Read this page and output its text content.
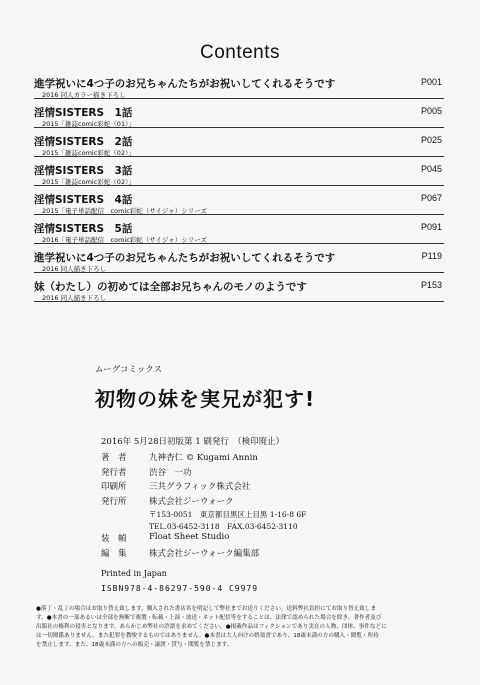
Contents
進学祝いに4つ子のお兄ちゃんたちがお祝いしてくれるそうです
2016 同人カラー描き下ろし
P001
淫情SISTERS　1話
2015「雑誌comic彩蛇（01）」
P005
淫情SISTERS　2話
2015「雑誌comic彩蛇（02）」
P025
淫情SISTERS　3話
2015「雑誌comic彩蛇（02）」
P045
淫情SISTERS　4話
2015「電子単話配信　comic彩蛇（サイジャ）シリーズ
P067
淫情SISTERS　5話
2016「電子単話配信　comic彩蛇（サイジャ）シリーズ
P091
進学祝いに4つ子のお兄ちゃんたちがお祝いしてくれるそうです
2016 同人描き下ろし
P119
妹（わたし）の初めては全部お兄ちゃんのモノのようです
2016 同人描き下ろし
P153
ムーグコミックス
初物の妹を実兄が犯す!
2016年 5月28日初版第 1 刷発行　（検印廃止）
著　者	九神杏仁 © Kugami Annin
発行者	渋谷　一功
印刷所	三共グラフィック株式会社
発行所	株式会社ジーウォーク
〒153-0051　東京都目黒区上目黒 1-16-8 6F
TEL.03-6452-3118　FAX.03-6452-3110
装　幀	Float Sheet Studio
編　集	株式会社ジーウォーク編集部
Printed in Japan
ISBN978-4-86297-590-4 C9979
●落丁・乱丁の場合はお取り替え致します。購入された書店名を明記して弊社までお送りください。送料弊社負担にてお取り替え致しま
す。●本書の一部あるいは全部を無断で複製・転載・上演・放送・ネット配信等をすることは、法律で認められた場合を除き、著作者及び
出版社の権利の侵害となります。あらかじめ弊社の許諾を求めてください。●掲載作品はフィクションであり実在の人物、団体、事件などに
は一切関係ありません。また犯罪を教唆するものではありません。●本書は大人向けの娯楽書であり、18歳未満の方の購入・閲覧・所持
を禁止します。また、18歳未満の方への販売・譲渡・貸与・閲覧を禁じます。
